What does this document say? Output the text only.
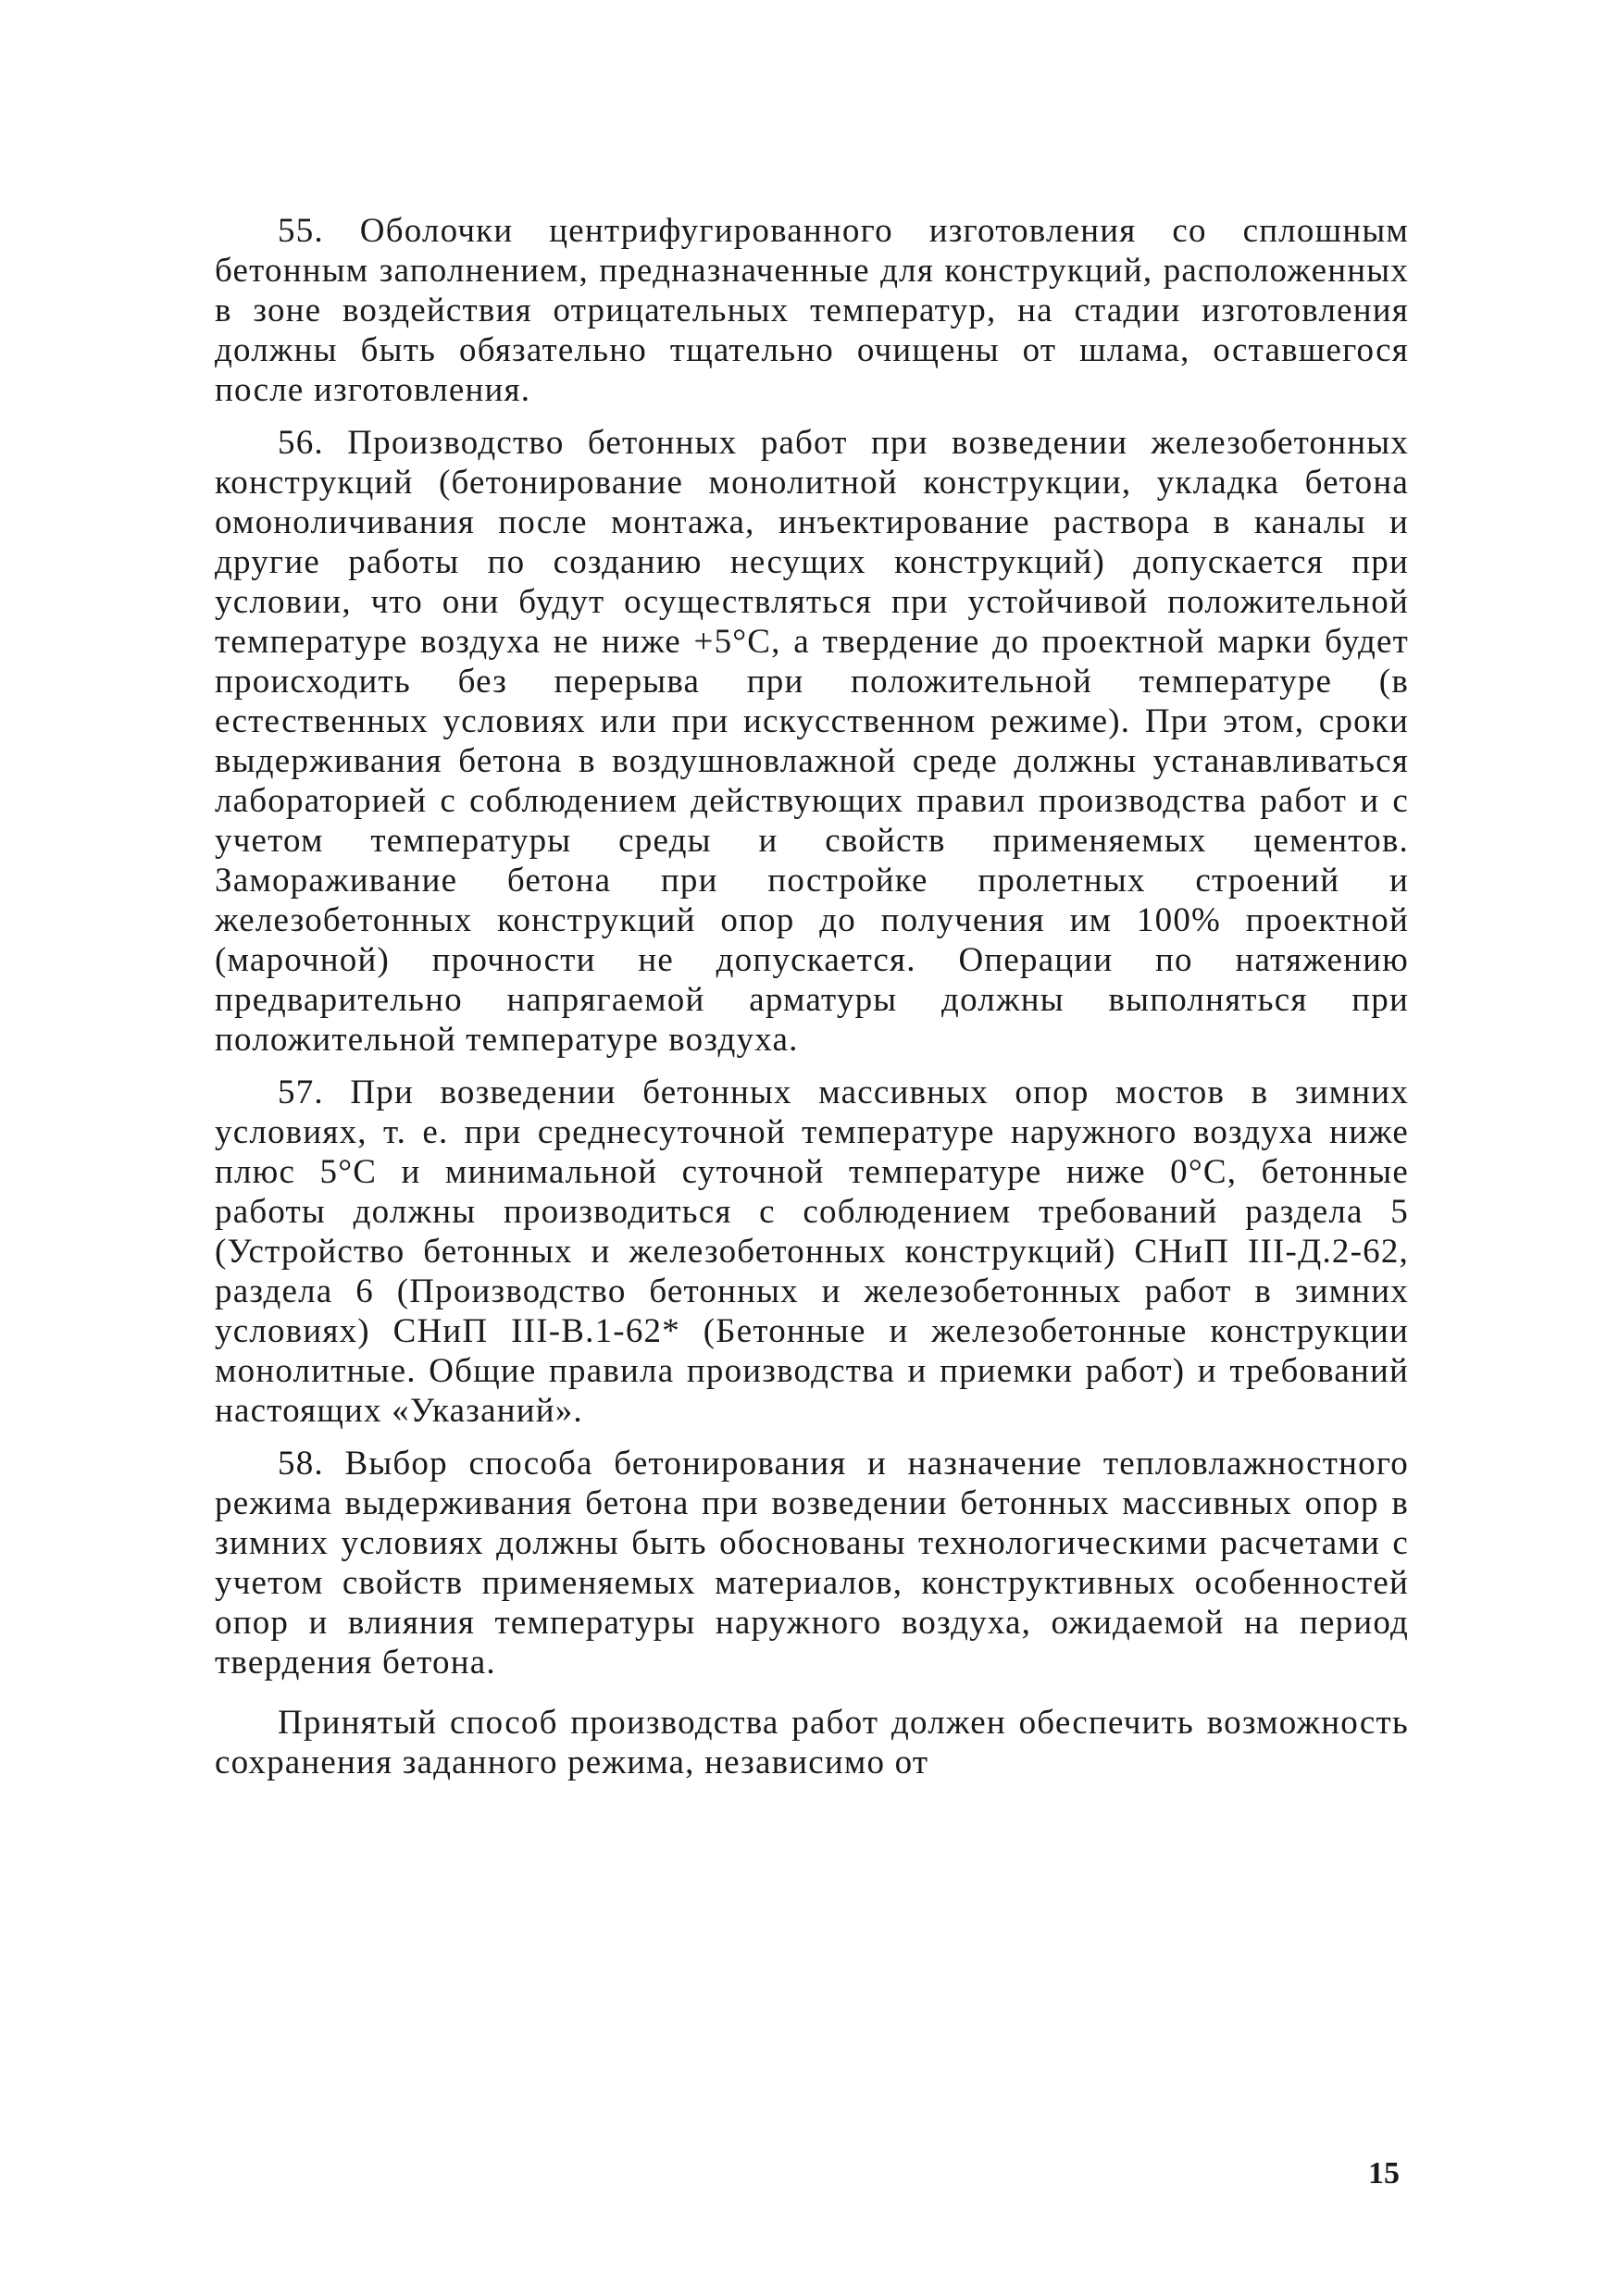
55. Оболочки центрифугированного изготовления со сплошным бетонным заполнением, предназначенные для конструкций, расположенных в зоне воздействия отрицательных температур, на стадии изготовления должны быть обязательно тщательно очищены от шлама, оставшегося после изготовления.

56. Производство бетонных работ при возведении железобетонных конструкций (бетонирование монолитной конструкции, укладка бетона омоноличивания после монтажа, инъектирование раствора в каналы и другие работы по созданию несущих конструкций) допускается при условии, что они будут осуществляться при устойчивой положительной температуре воздуха не ниже +5°С, а твердение до проектной марки будет происходить без перерыва при положительной температуре (в естественных условиях или при искусственном режиме). При этом, сроки выдерживания бетона в воздушновлажной среде должны устанавливаться лабораторией с соблюдением действующих правил производства работ и с учетом температуры среды и свойств применяемых цементов. Замораживание бетона при постройке пролетных строений и железобетонных конструкций опор до получения им 100% проектной (марочной) прочности не допускается. Операции по натяжению предварительно напрягаемой арматуры должны выполняться при положительной температуре воздуха.

57. При возведении бетонных массивных опор мостов в зимних условиях, т. е. при среднесуточной температуре наружного воздуха ниже плюс 5°С и минимальной суточной температуре ниже 0°С, бетонные работы должны производиться с соблюдением требований раздела 5 (Устройство бетонных и железобетонных конструкций) СНиП III-Д.2-62, раздела 6 (Производство бетонных и железобетонных работ в зимних условиях) СНиП III-В.1-62* (Бетонные и железобетонные конструкции монолитные. Общие правила производства и приемки работ) и требований настоящих «Указаний».

58. Выбор способа бетонирования и назначение тепловлажностного режима выдерживания бетона при возведении бетонных массивных опор в зимних условиях должны быть обоснованы технологическими расчетами с учетом свойств применяемых материалов, конструктивных особенностей опор и влияния температуры наружного воздуха, ожидаемой на период твердения бетона.

Принятый способ производства работ должен обеспечить возможность сохранения заданного режима, независимо от

15
